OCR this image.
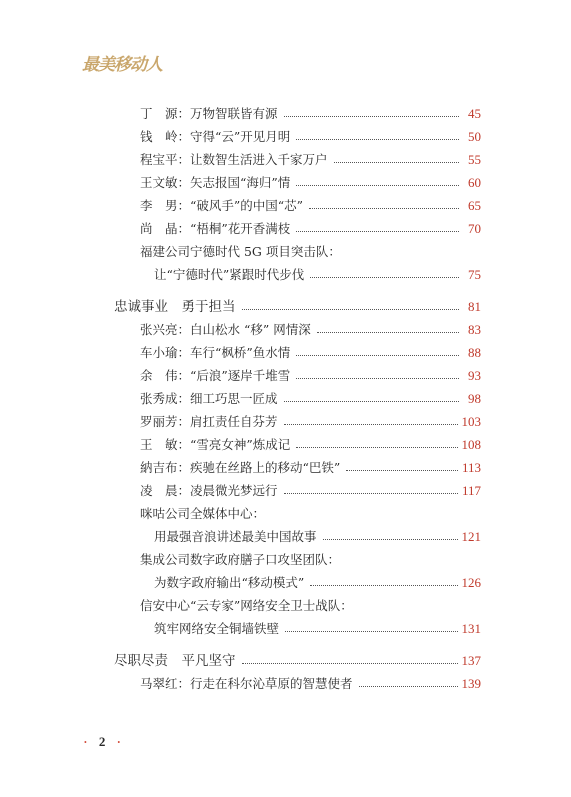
最美移动人
丁　源：万物智联皆有源	45
钱　岭：守得“云”开见月明	50
程宝平：让数智生活进入千家万户	55
王文敏：矢志报国“海归”情	60
李　男：“破风手”的中国“芯”	65
尚　晶：“梧桐”花开香满枝	70
福建公司宁德时代 5G 项目突击队：
让“宁德时代”紧跟时代步伐	75
忠诚事业　勇于担当	81
张兴亮：白山松水 “移” 网情深	83
车小瑜：车行“枫桥”鱼水情	88
余　伟：“后浪”逐岸千堆雪	93
张秀成：细工巧思一匠成	98
罗丽芳：肩扛责任自芬芳	103
王　敏：“雪亮女神”炼成记	108
納吉布：疾驰在丝路上的移动“巴铁”	113
凌　晨：凌晨微光梦远行	117
咪咕公司全媒体中心：
用最强音浪讲述最美中国故事	121
集成公司数字政府膳子口攻坚团队：
为数字政府输出“移动模式”	126
信安中心“云专家”网络安全卫士战队：
筑牢网络安全铜墙铁壁	131
尽职尽责　平凡坚守	137
马翠红：行走在科尔沁草原的智慧使者	139
• 2 •
